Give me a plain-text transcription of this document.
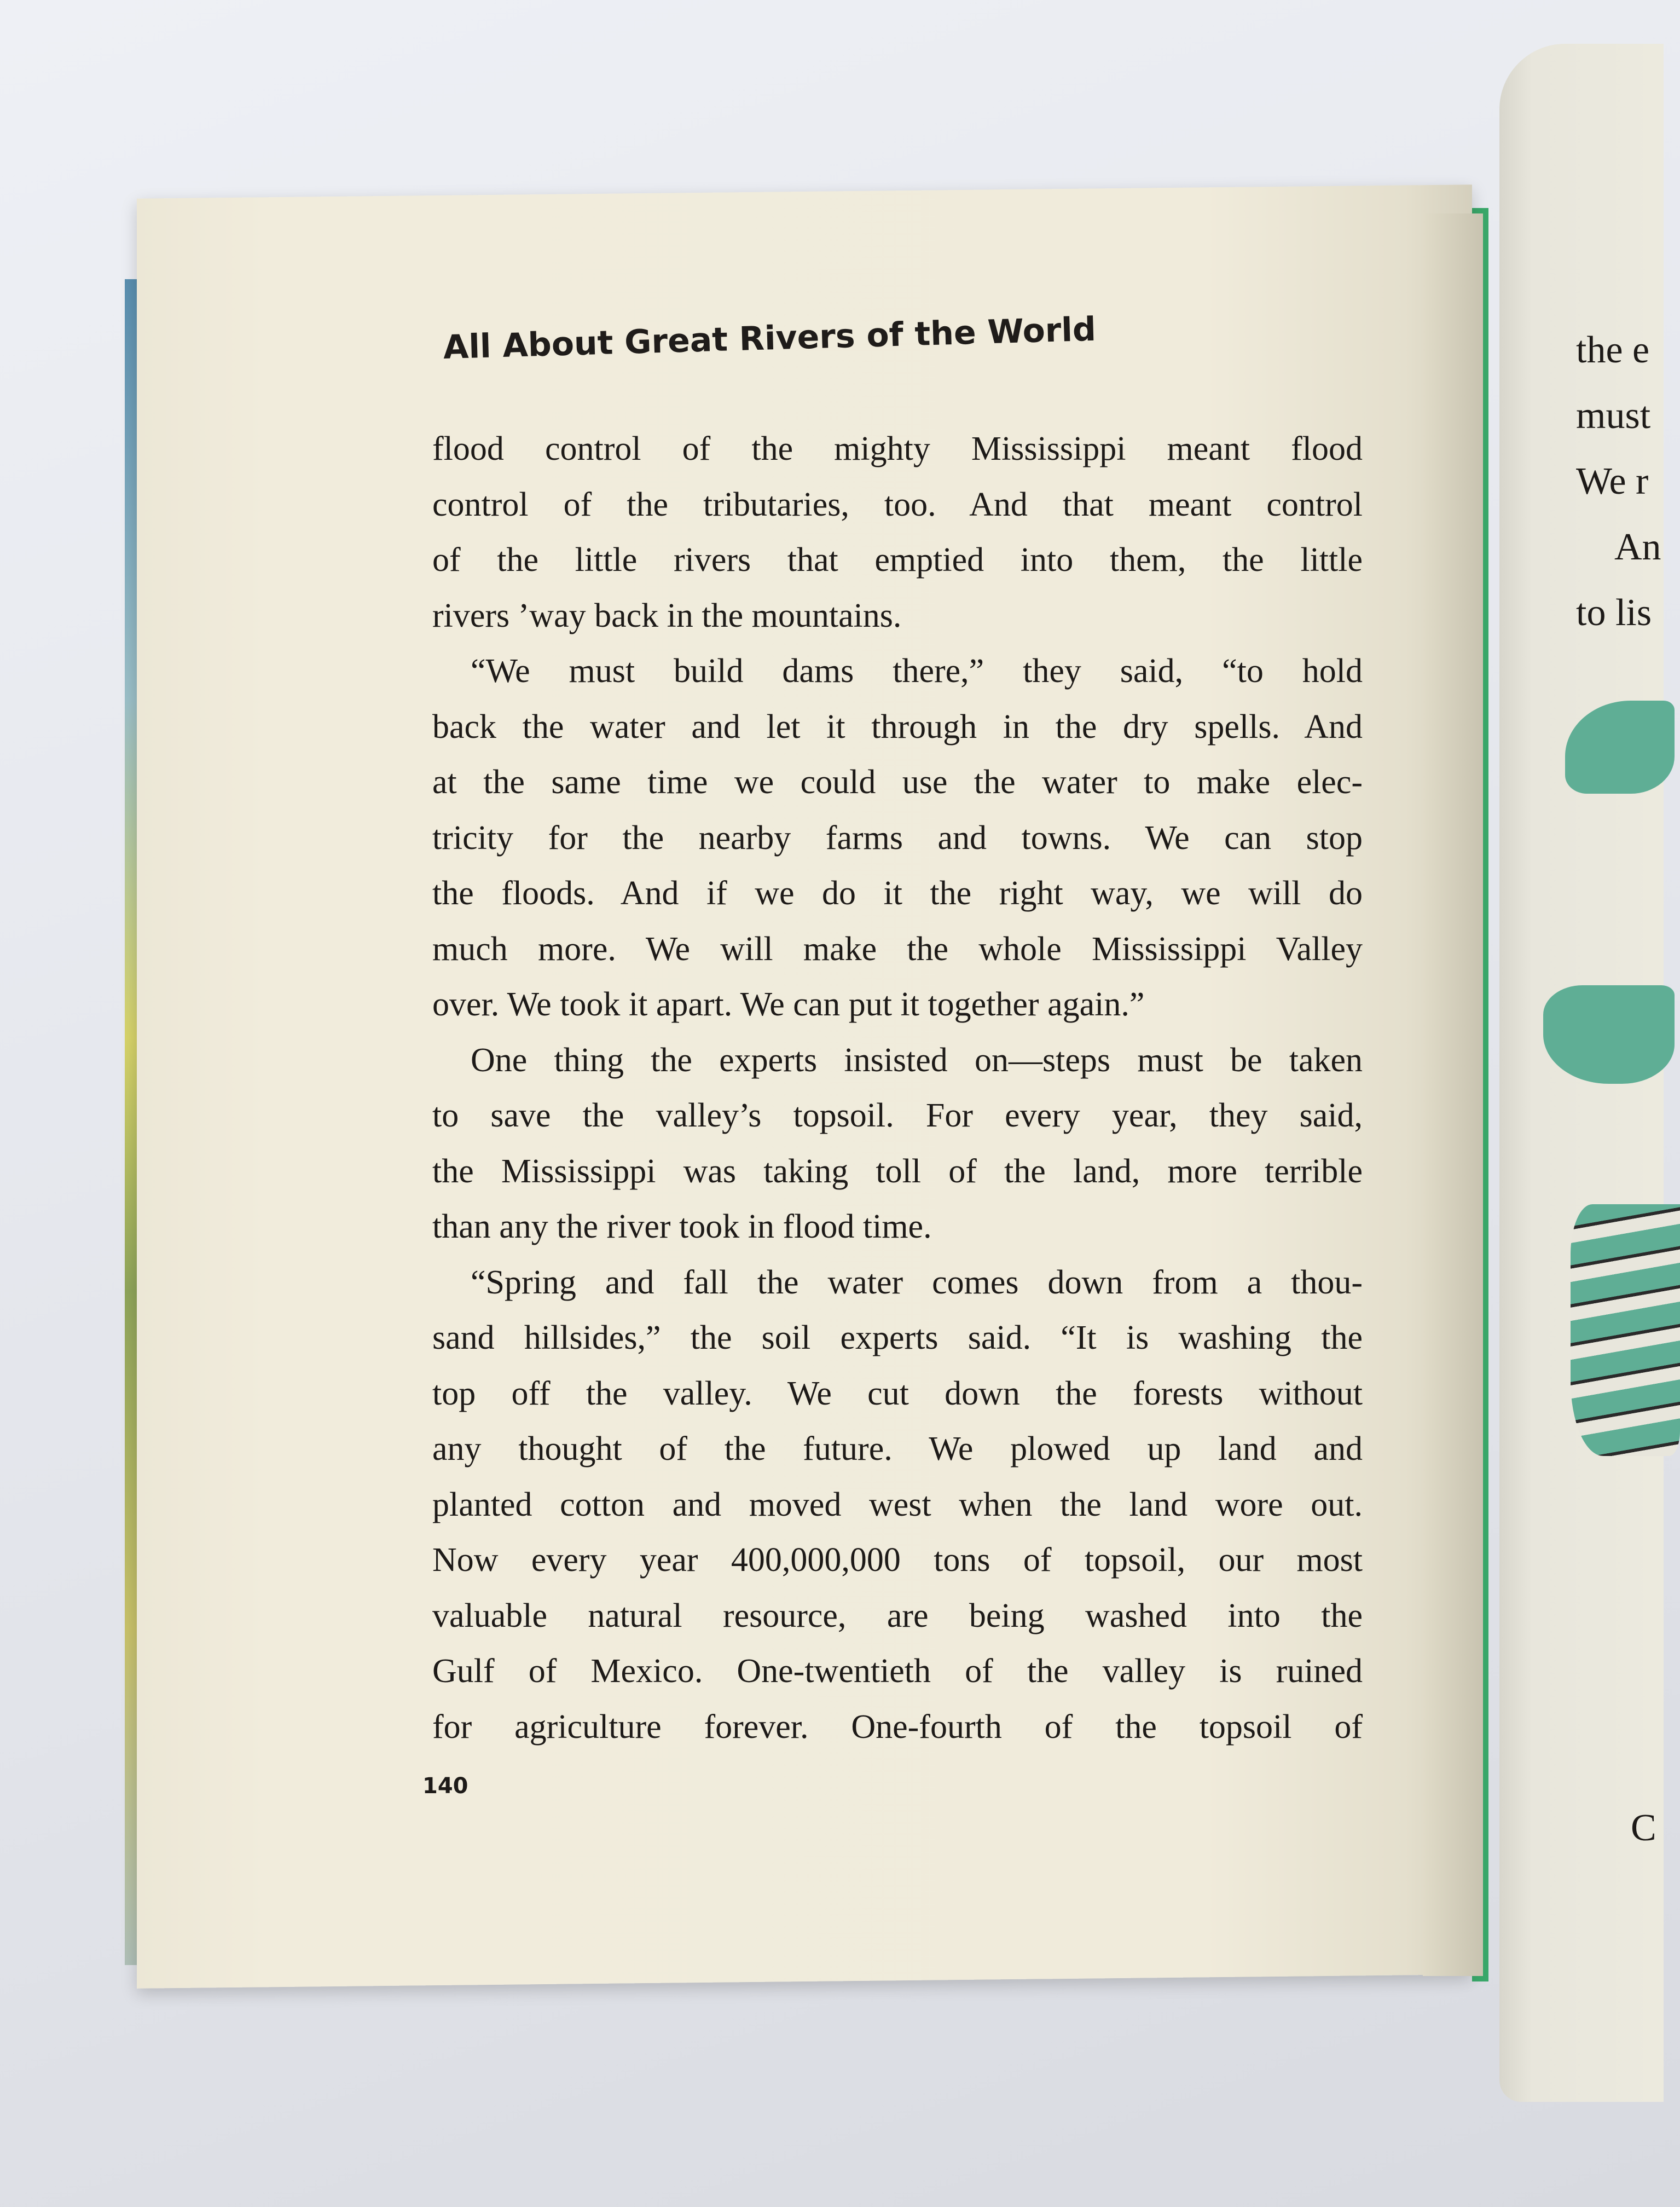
the e
must
We r
An
to lis
C
All About Great Rivers of the World
flood control of the mighty Mississippi meant flood
control of the tributaries, too. And that meant control
of the little rivers that emptied into them, the little
rivers ’way back in the mountains.
“We must build dams there,” they said, “to hold
back the water and let it through in the dry spells. And
at the same time we could use the water to make elec-
tricity for the nearby farms and towns. We can stop
the floods. And if we do it the right way, we will do
much more. We will make the whole Mississippi Valley
over. We took it apart. We can put it together again.”
One thing the experts insisted on—steps must be taken
to save the valley’s topsoil. For every year, they said,
the Mississippi was taking toll of the land, more terrible
than any the river took in flood time.
“Spring and fall the water comes down from a thou-
sand hillsides,” the soil experts said. “It is washing the
top off the valley. We cut down the forests without
any thought of the future. We plowed up land and
planted cotton and moved west when the land wore out.
Now every year 400,000,000 tons of topsoil, our most
valuable natural resource, are being washed into the
Gulf of Mexico. One-twentieth of the valley is ruined
for agriculture forever. One-fourth of the topsoil of
140
